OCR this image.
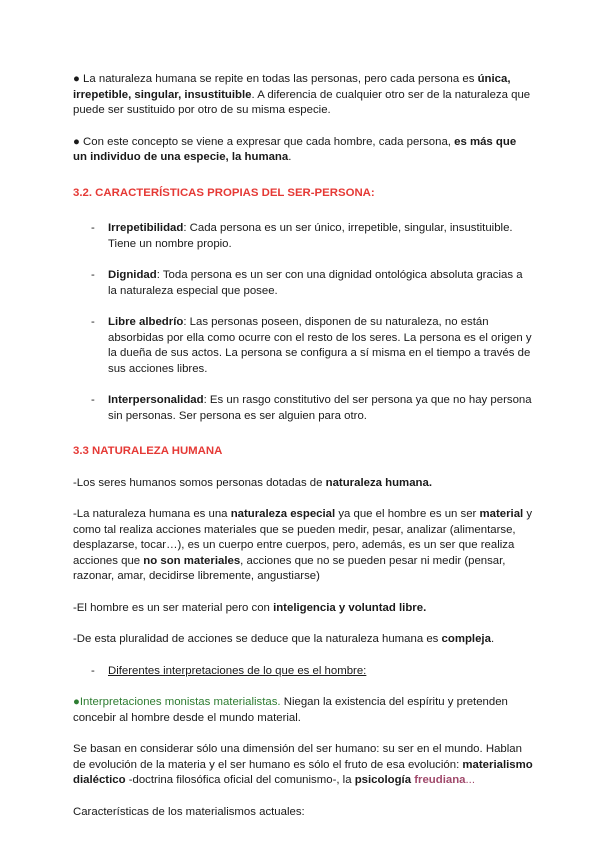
● La naturaleza humana se repite en todas las personas, pero cada persona es única, irrepetible, singular, insustituible. A diferencia de cualquier otro ser de la naturaleza que puede ser sustituido por otro de su misma especie.

● Con este concepto se viene a expresar que cada hombre, cada persona, es más que un individuo de una especie, la humana.

3.2. CARACTERÍSTICAS PROPIAS DEL SER-PERSONA:

- Irrepetibilidad: Cada persona es un ser único, irrepetible, singular, insustituible. Tiene un nombre propio.
- Dignidad: Toda persona es un ser con una dignidad ontológica absoluta gracias a la naturaleza especial que posee.
- Libre albedrío: Las personas poseen, disponen de su naturaleza, no están absorbidas por ella como ocurre con el resto de los seres. La persona es el origen y la dueña de sus actos. La persona se configura a sí misma en el tiempo a través de sus acciones libres.
- Interpersonalidad: Es un rasgo constitutivo del ser persona ya que no hay persona sin personas. Ser persona es ser alguien para otro.

3.3 NATURALEZA HUMANA

-Los seres humanos somos personas dotadas de naturaleza humana.

-La naturaleza humana es una naturaleza especial ya que el hombre es un ser material y como tal realiza acciones materiales que se pueden medir, pesar, analizar (alimentarse, desplazarse, tocar…), es un cuerpo entre cuerpos, pero, además, es un ser que realiza acciones que no son materiales, acciones que no se pueden pesar ni medir (pensar, razonar, amar, decidirse libremente, angustiarse)

-El hombre es un ser material pero con inteligencia y voluntad libre.

-De esta pluralidad de acciones se deduce que la naturaleza humana es compleja.

- Diferentes interpretaciones de lo que es el hombre:

●Interpretaciones monistas materialistas. Niegan la existencia del espíritu y pretenden concebir al hombre desde el mundo material.

Se basan en considerar sólo una dimensión del ser humano: su ser en el mundo. Hablan de evolución de la materia y el ser humano es sólo el fruto de esa evolución: materialismo dialéctico -doctrina filosófica oficial del comunismo-, la psicología freudiana...

Características de los materialismos actuales:
